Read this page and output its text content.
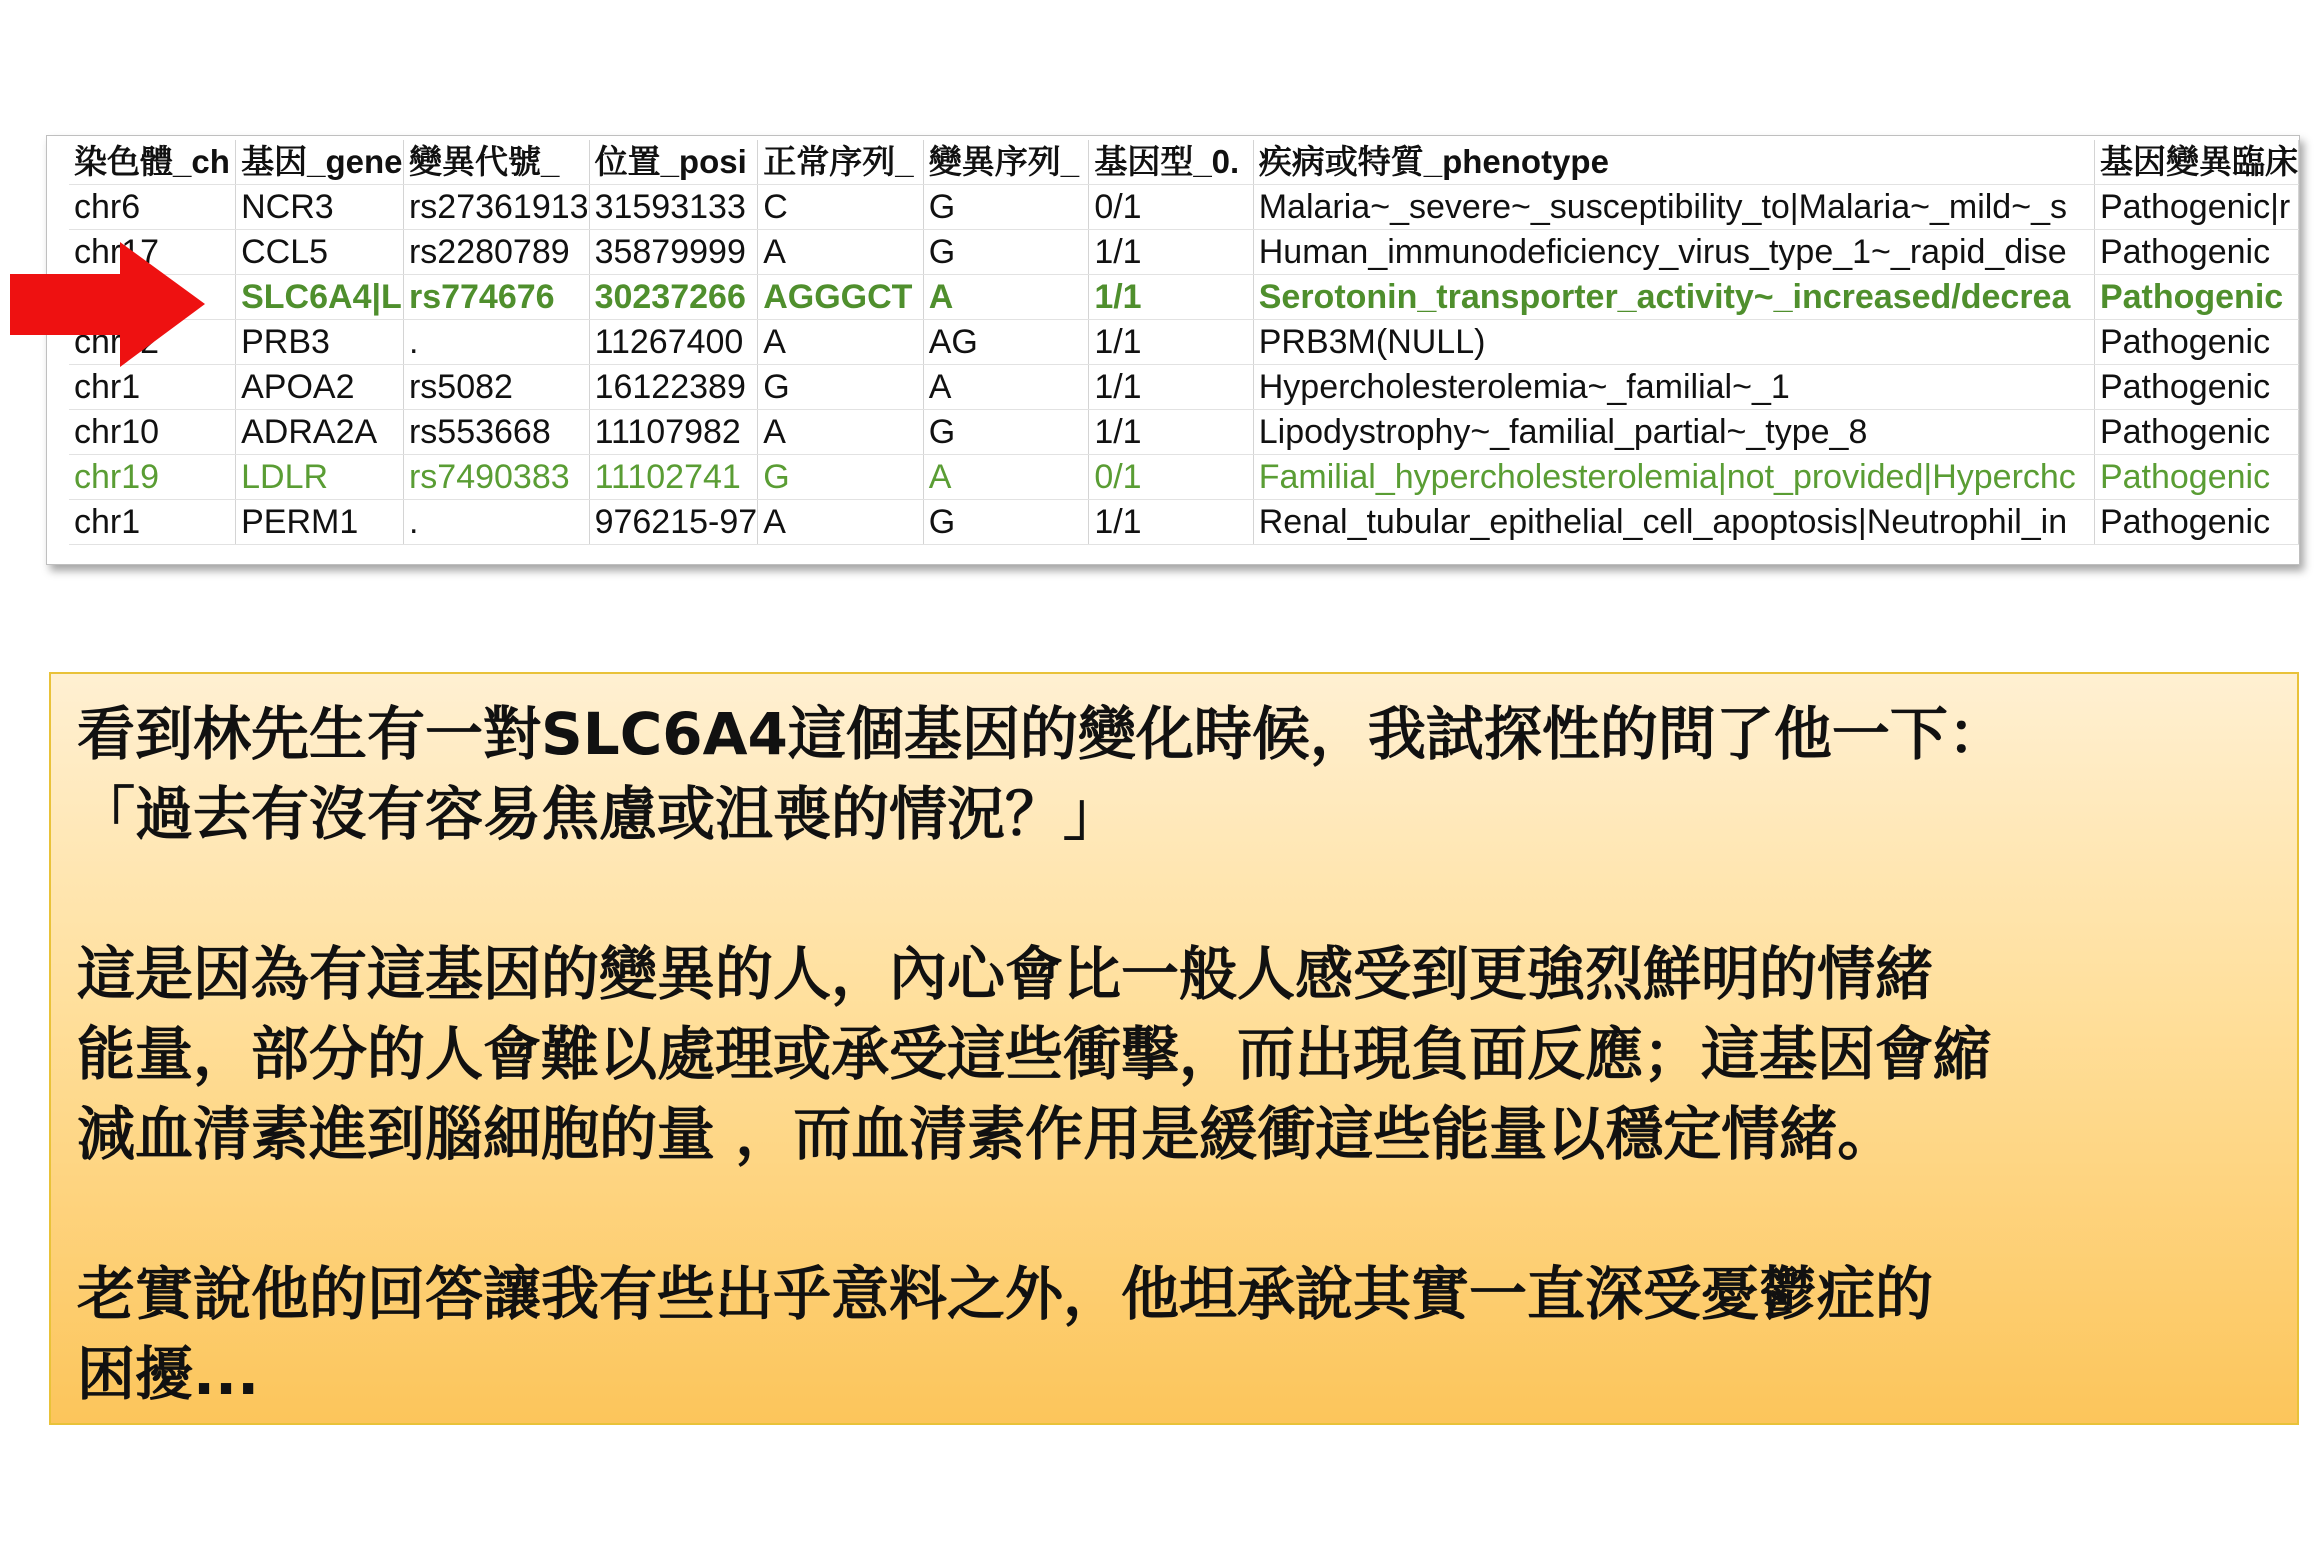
染色體_ch	基因_gene	變異代號_	位置_posi	正常序列_	變異序列_	基因型_0.	疾病或特質_phenotype	基因變異臨床
chr6	NCR3	rs27361913	31593133	C	G	0/1	Malaria~_severe~_susceptibility_to|Malaria~_mild~_s	Pathogenic|r
chr17	CCL5	rs2280789	35879999	A	G	1/1	Human_immunodeficiency_virus_type_1~_rapid_dise	Pathogenic
	SLC6A4|L	rs774676	30237266	AGGGCT	A	1/1	Serotonin_transporter_activity~_increased/decrea	Pathogenic
chr12	PRB3	.	11267400	A	AG	1/1	PRB3M(NULL)	Pathogenic
chr1	APOA2	rs5082	16122389	G	A	1/1	Hypercholesterolemia~_familial~_1	Pathogenic
chr10	ADRA2A	rs553668	11107982	A	G	1/1	Lipodystrophy~_familial_partial~_type_8	Pathogenic
chr19	LDLR	rs7490383	11102741	G	A	0/1	Familial_hypercholesterolemia|not_provided|Hyperchc	Pathogenic
chr1	PERM1	.	976215-97	A	G	1/1	Renal_tubular_epithelial_cell_apoptosis|Neutrophil_in	Pathogenic

看到林先生有一對SLC6A4這個基因的變化時候，我試探性的問了他一下：
「過去有沒有容易焦慮或沮喪的情況？」

這是因為有這基因的變異的人，內心會比一般人感受到更強烈鮮明的情緒
能量，部分的人會難以處理或承受這些衝擊，而出現負面反應；這基因會縮
減血清素進到腦細胞的量 ，而血清素作用是緩衝這些能量以穩定情緒。

老實說他的回答讓我有些出乎意料之外，他坦承說其實一直深受憂鬱症的
困擾...
